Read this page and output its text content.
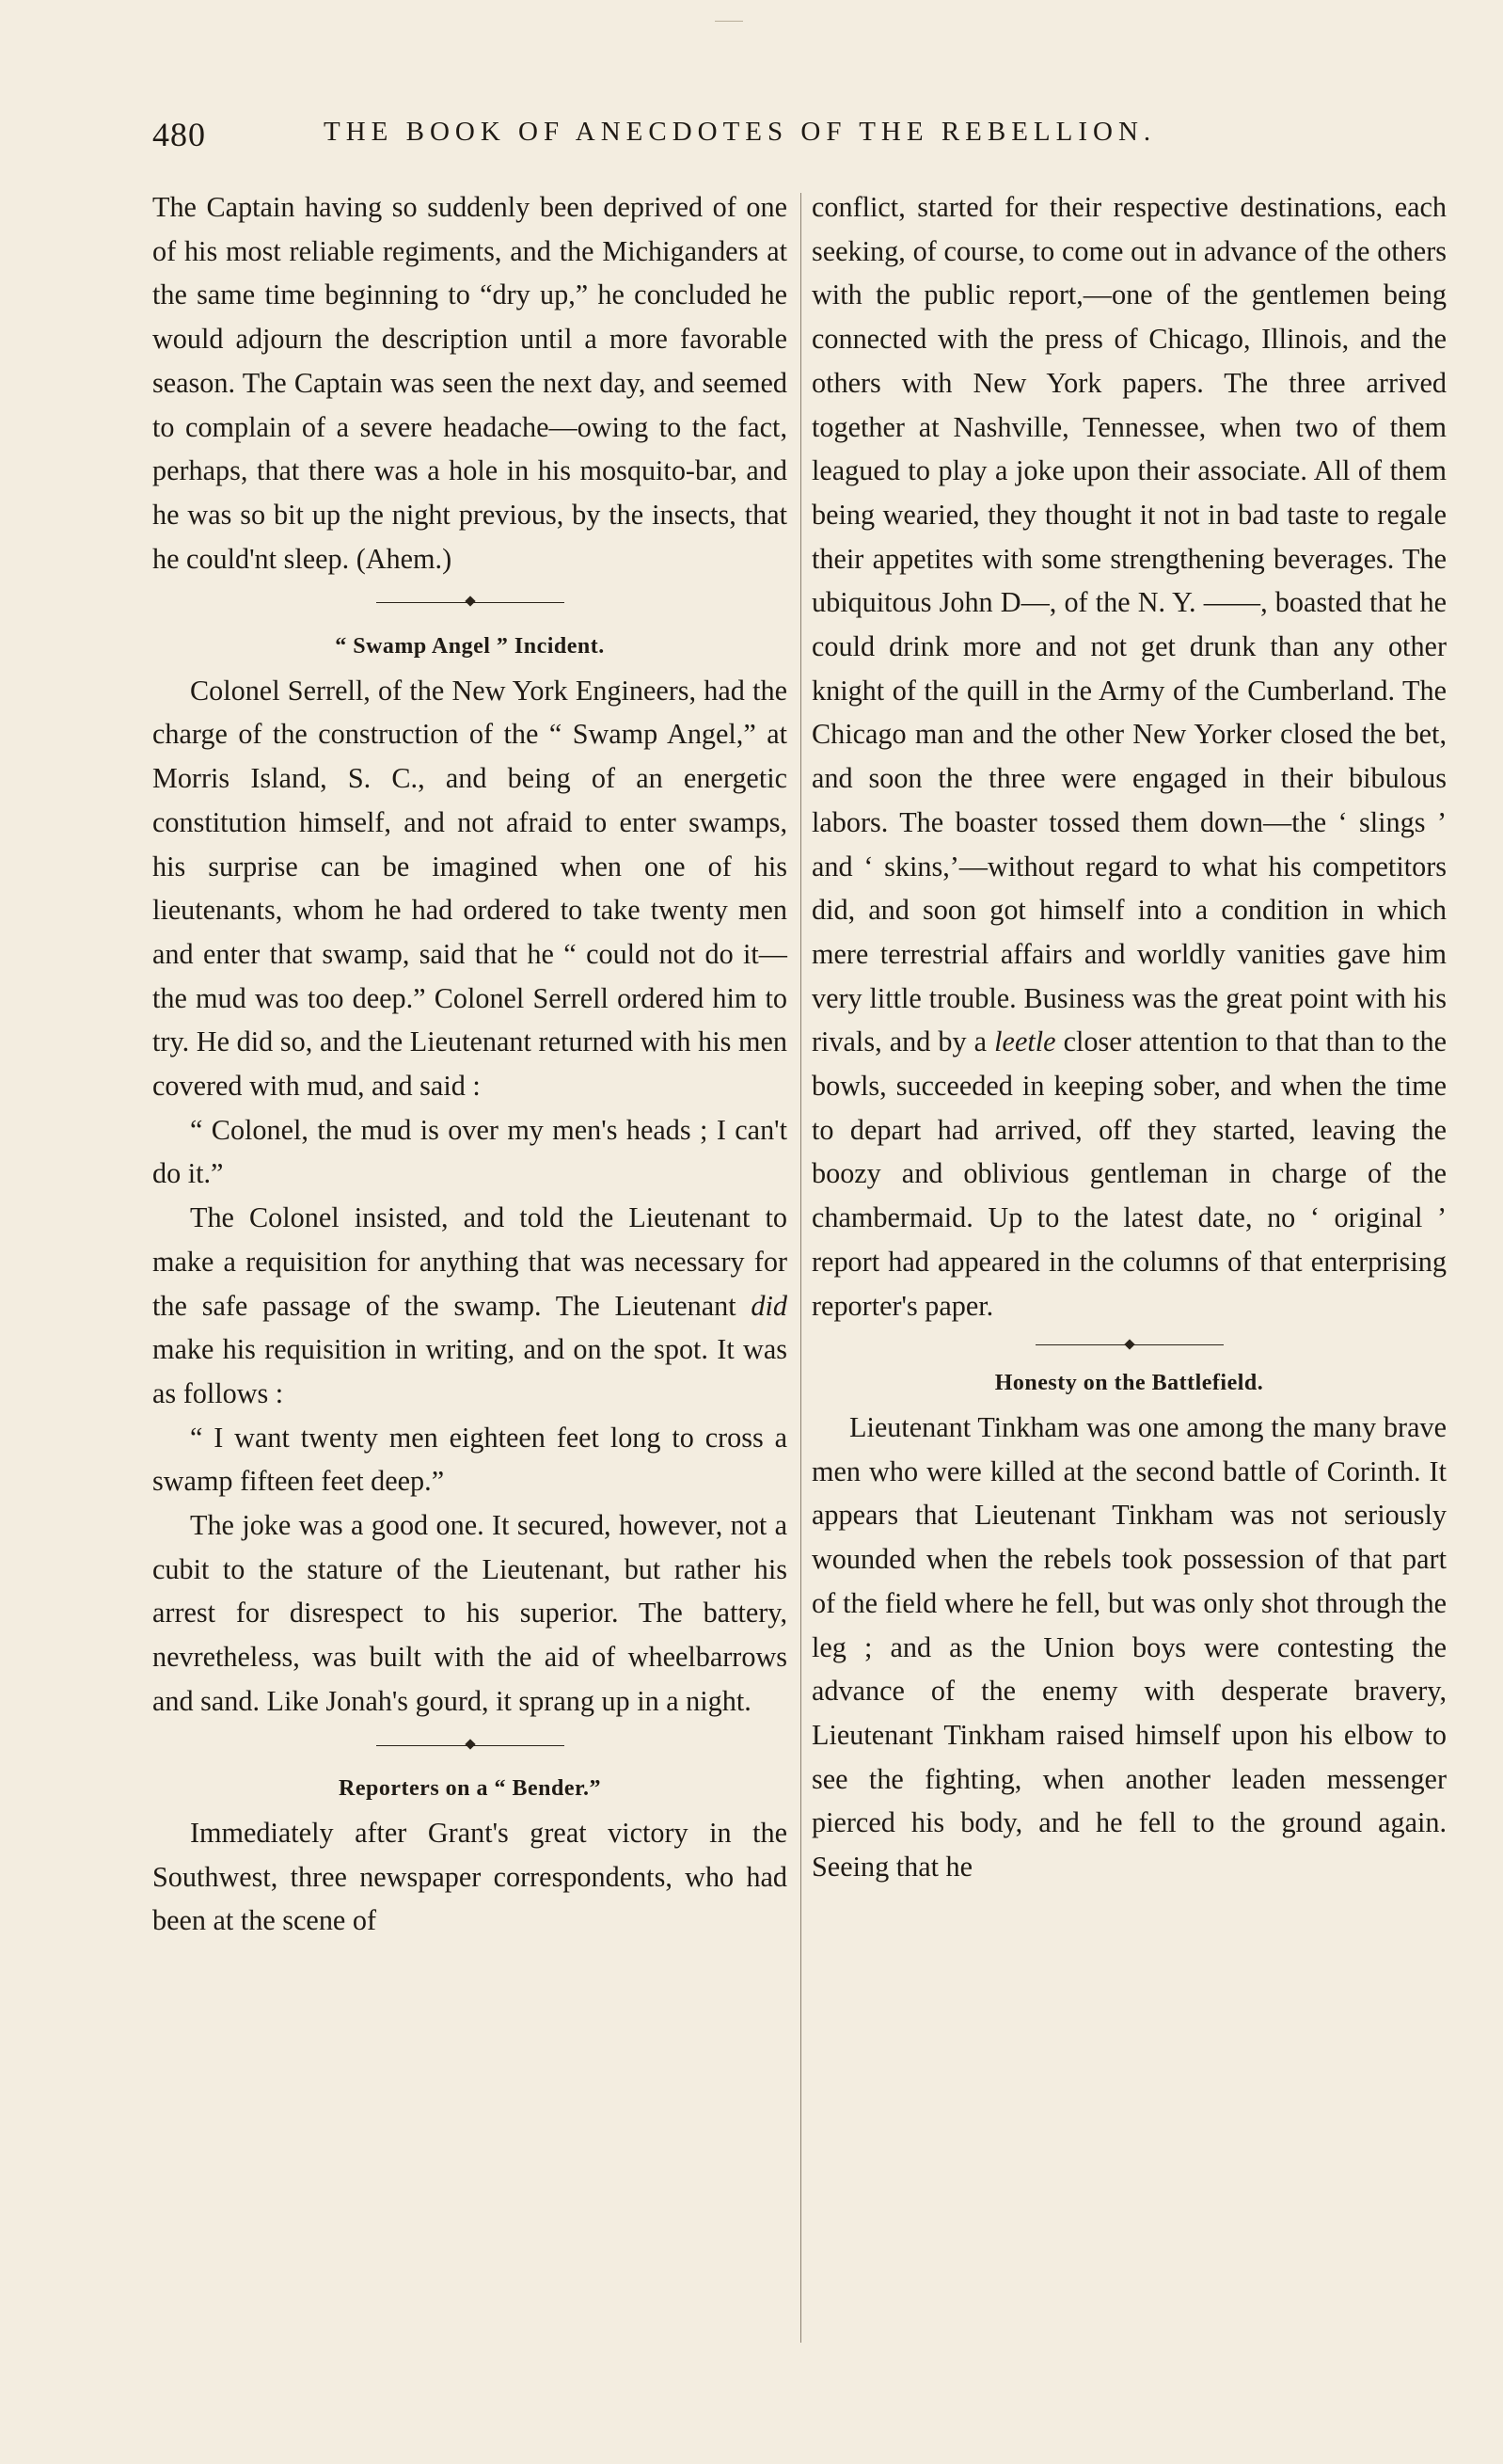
480	THE BOOK OF ANECDOTES OF THE REBELLION.

The Captain having so suddenly been deprived of one of his most reliable regiments, and the Michiganders at the same time beginning to “dry up,” he concluded he would adjourn the description until a more favorable season. The Captain was seen the next day, and seemed to complain of a severe headache—owing to the fact, perhaps, that there was a hole in his mosquito-bar, and he was so bit up the night previous, by the insects, that he could'nt sleep. (Ahem.)

“ Swamp Angel ” Incident.

Colonel Serrell, of the New York Engineers, had the charge of the construction of the “ Swamp Angel,” at Morris Island, S. C., and being of an energetic constitution himself, and not afraid to enter swamps, his surprise can be imagined when one of his lieutenants, whom he had ordered to take twenty men and enter that swamp, said that he “ could not do it—the mud was too deep.” Colonel Serrell ordered him to try. He did so, and the Lieutenant returned with his men covered with mud, and said :

“ Colonel, the mud is over my men's heads ; I can't do it.”

The Colonel insisted, and told the Lieutenant to make a requisition for anything that was necessary for the safe passage of the swamp. The Lieutenant did make his requisition in writing, and on the spot. It was as follows :

“ I want twenty men eighteen feet long to cross a swamp fifteen feet deep.”

The joke was a good one. It secured, however, not a cubit to the stature of the Lieutenant, but rather his arrest for disrespect to his superior. The battery, nevretheless, was built with the aid of wheelbarrows and sand. Like Jonah's gourd, it sprang up in a night.

Reporters on a “ Bender.”

Immediately after Grant's great victory in the Southwest, three newspaper correspondents, who had been at the scene of

conflict, started for their respective destinations, each seeking, of course, to come out in advance of the others with the public report,—one of the gentlemen being connected with the press of Chicago, Illinois, and the others with New York papers. The three arrived together at Nashville, Tennessee, when two of them leagued to play a joke upon their associate. All of them being wearied, they thought it not in bad taste to regale their appetites with some strengthening beverages. The ubiquitous John D—, of the N. Y. ——, boasted that he could drink more and not get drunk than any other knight of the quill in the Army of the Cumberland. The Chicago man and the other New Yorker closed the bet, and soon the three were engaged in their bibulous labors. The boaster tossed them down—the ‘ slings ’ and ‘ skins,’—without regard to what his competitors did, and soon got himself into a condition in which mere terrestrial affairs and worldly vanities gave him very little trouble. Business was the great point with his rivals, and by a leetle closer attention to that than to the bowls, succeeded in keeping sober, and when the time to depart had arrived, off they started, leaving the boozy and oblivious gentleman in charge of the chambermaid. Up to the latest date, no ‘ original ’ report had appeared in the columns of that enterprising reporter's paper.

Honesty on the Battlefield.

Lieutenant Tinkham was one among the many brave men who were killed at the second battle of Corinth. It appears that Lieutenant Tinkham was not seriously wounded when the rebels took possession of that part of the field where he fell, but was only shot through the leg ; and as the Union boys were contesting the advance of the enemy with desperate bravery, Lieutenant Tinkham raised himself upon his elbow to see the fighting, when another leaden messenger pierced his body, and he fell to the ground again. Seeing that he
